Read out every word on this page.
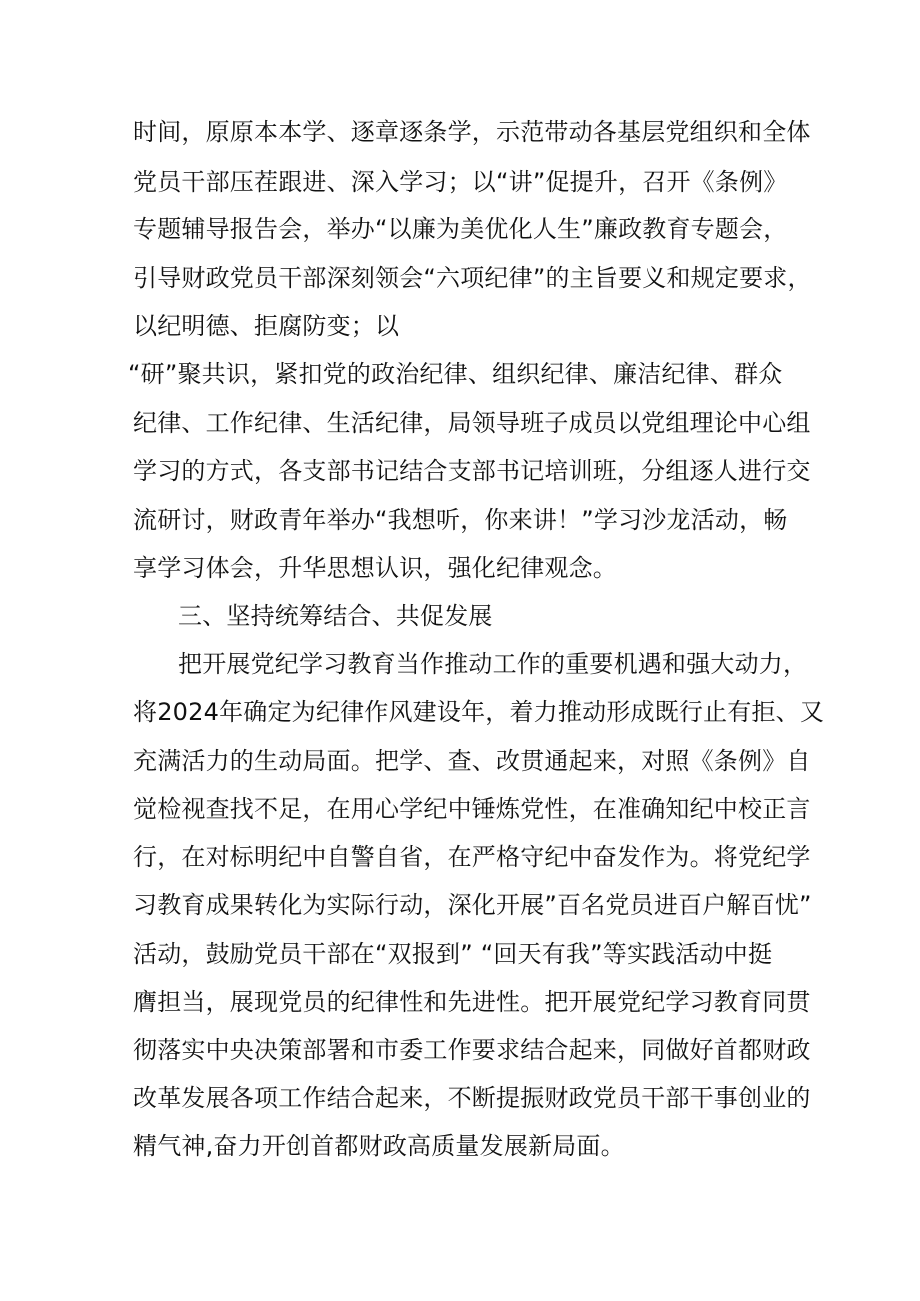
时间，原原本本学、逐章逐条学，示范带动各基层党组织和全体
党员干部压茬跟进、深入学习；以“讲”促提升，召开《条例》
专题辅导报告会，举办“以廉为美优化人生”廉政教育专题会，
引导财政党员干部深刻领会“六项纪律”的主旨要义和规定要求，
以纪明德、拒腐防变；以
“研”聚共识，紧扣党的政治纪律、组织纪律、廉洁纪律、群众
纪律、工作纪律、生活纪律，局领导班子成员以党组理论中心组
学习的方式，各支部书记结合支部书记培训班，分组逐人进行交
流研讨，财政青年举办“我想听，你来讲！”学习沙龙活动，畅
享学习体会，升华思想认识，强化纪律观念。
三、坚持统筹结合、共促发展
把开展党纪学习教育当作推动工作的重要机遇和强大动力，
将2024年确定为纪律作风建设年，着力推动形成既行止有拒、又
充满活力的生动局面。把学、查、改贯通起来，对照《条例》自
觉检视查找不足，在用心学纪中锤炼党性，在准确知纪中校正言
行，在对标明纪中自警自省，在严格守纪中奋发作为。将党纪学
习教育成果转化为实际行动，深化开展”百名党员进百户解百忧”
活动，鼓励党员干部在“双报到” “回天有我”等实践活动中挺
膺担当，展现党员的纪律性和先进性。把开展党纪学习教育同贯
彻落实中央决策部署和市委工作要求结合起来，同做好首都财政
改革发展各项工作结合起来，不断提振财政党员干部干事创业的
精气神,奋力开创首都财政高质量发展新局面。
